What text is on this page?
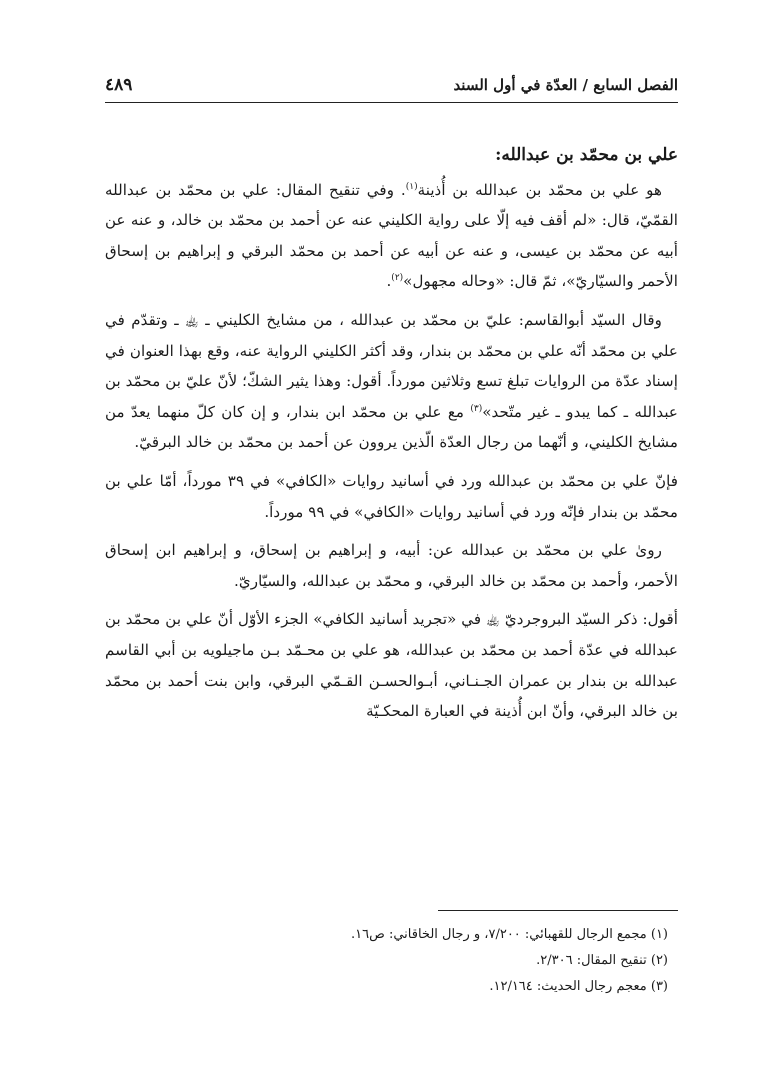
الفصل السابع / العدّة في أول السند
٤٨٩
علي بن محمّد بن عبدالله:

هو علي بن محمّد بن عبدالله بن أُذينة$^{(١)}$. وفي تنقيح المقال: علي بن محمّد بن عبدالله القمّيّ، قال: «لم أقف فيه إلّا على رواية الكليني عنه عن أحمد بن محمّد بن خالد، و عنه عن أبيه عن محمّد بن عيسى، و عنه عن أبيه عن أحمد بن محمّد البرقي و إبراهيم بن إسحاق الأحمر والسيّاريّ»، ثمّ قال: «وحاله مجهول»$^{(٢)}$.

وقال السيّد أبوالقاسم: عليّ بن محمّد بن عبدالله ، من مشايخ الكليني ـ ﵀ ـ وتقدّم في علي بن محمّد أنّه علي بن محمّد بن بندار، وقد أكثر الكليني الرواية عنه، وقع بهذا العنوان في إسناد عدّة من الروايات تبلغ تسع وثلاثين مورداً. أقول: وهذا يثير الشكّ؛ لأنّ عليّ بن محمّد بن عبدالله ـ كما يبدو ـ غير متّحد»$^{(٣)}$ مع علي بن محمّد ابن بندار، و إن كان كلّ منهما يعدّ من مشايخ الكليني، و أنّهما من رجال العدّة الّذين يروون عن أحمد بن محمّد بن خالد البرقيّ.

فإنّ علي بن محمّد بن عبدالله ورد في أسانيد روايات «الكافي» في ٣٩ مورداً، أمّا علي بن محمّد بن بندار فإنّه ورد في أسانيد روايات «الكافي» في ٩٩ مورداً.

روىٰ علي بن محمّد بن عبدالله عن: أبيه، و إبراهيم بن إسحاق، و إبراهيم ابن إسحاق الأحمر، وأحمد بن محمّد بن خالد البرقي، و محمّد بن عبدالله، والسيّاريّ.

أقول: ذكر السيّد البروجرديّ ﵀ في «تجريد أسانيد الكافي» الجزء الأوّل أنّ علي بن محمّد بن عبدالله في عدّة أحمد بن محمّد بن عبدالله، هو علي بن محـمّد بـن ماجيلويه بن أبي القاسم عبدالله بن بندار بن عمران الجـنـاني، أبـوالحسـن القـمّي البرقي، وابن بنت أحمد بن محمّد بن خالد البرقي، وأنّ ابن أُذينة في العبارة المحكـيّة

(١) مجمع الرجال للقهبائي: ٧/٢٠٠، و رجال الخاقاني: ص١٦.

(٢) تنقيح المقال: ٢/٣٠٦.

(٣) معجم رجال الحديث: ١٢/١٦٤.
